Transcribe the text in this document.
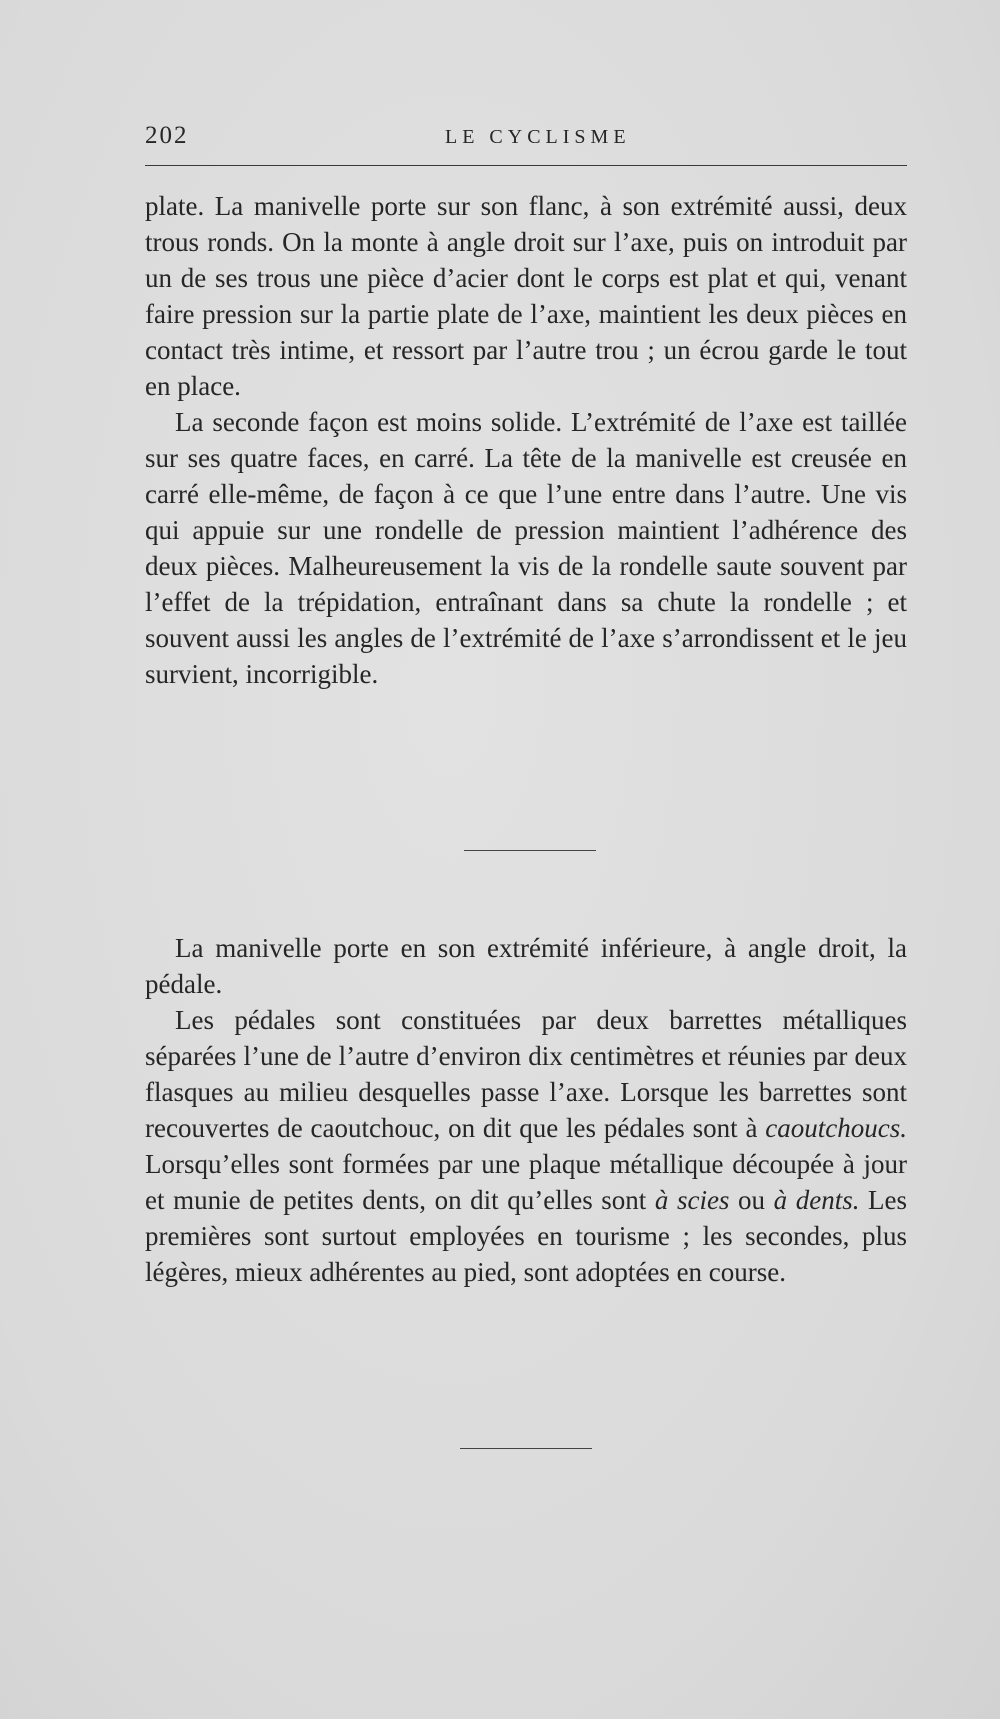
202	LE CYCLISME

plate. La manivelle porte sur son flanc, à son extrémité aussi, deux trous ronds. On la monte à angle droit sur l’axe, puis on introduit par un de ses trous une pièce d’acier dont le corps est plat et qui, venant faire pression sur la partie plate de l’axe, maintient les deux pièces en contact très intime, et ressort par l’autre trou ; un écrou garde le tout en place.

La seconde façon est moins solide. L’extrémité de l’axe est taillée sur ses quatre faces, en carré. La tête de la manivelle est creusée en carré elle-même, de façon à ce que l’une entre dans l’autre. Une vis qui appuie sur une rondelle de pression maintient l’adhérence des deux pièces. Malheureusement la vis de la rondelle saute souvent par l’effet de la trépidation, entraînant dans sa chute la rondelle ; et souvent aussi les angles de l’extrémité de l’axe s’arrondissent et le jeu survient, incorrigible.

La manivelle porte en son extrémité inférieure, à angle droit, la pédale.

Les pédales sont constituées par deux barrettes métalliques séparées l’une de l’autre d’environ dix centimètres et réunies par deux flasques au milieu desquelles passe l’axe. Lorsque les barrettes sont recouvertes de caoutchouc, on dit que les pédales sont à caoutchoucs. Lorsqu’elles sont formées par une plaque métallique découpée à jour et munie de petites dents, on dit qu’elles sont à scies ou à dents. Les premières sont surtout employées en tourisme ; les secondes, plus légères, mieux adhérentes au pied, sont adoptées en course.
